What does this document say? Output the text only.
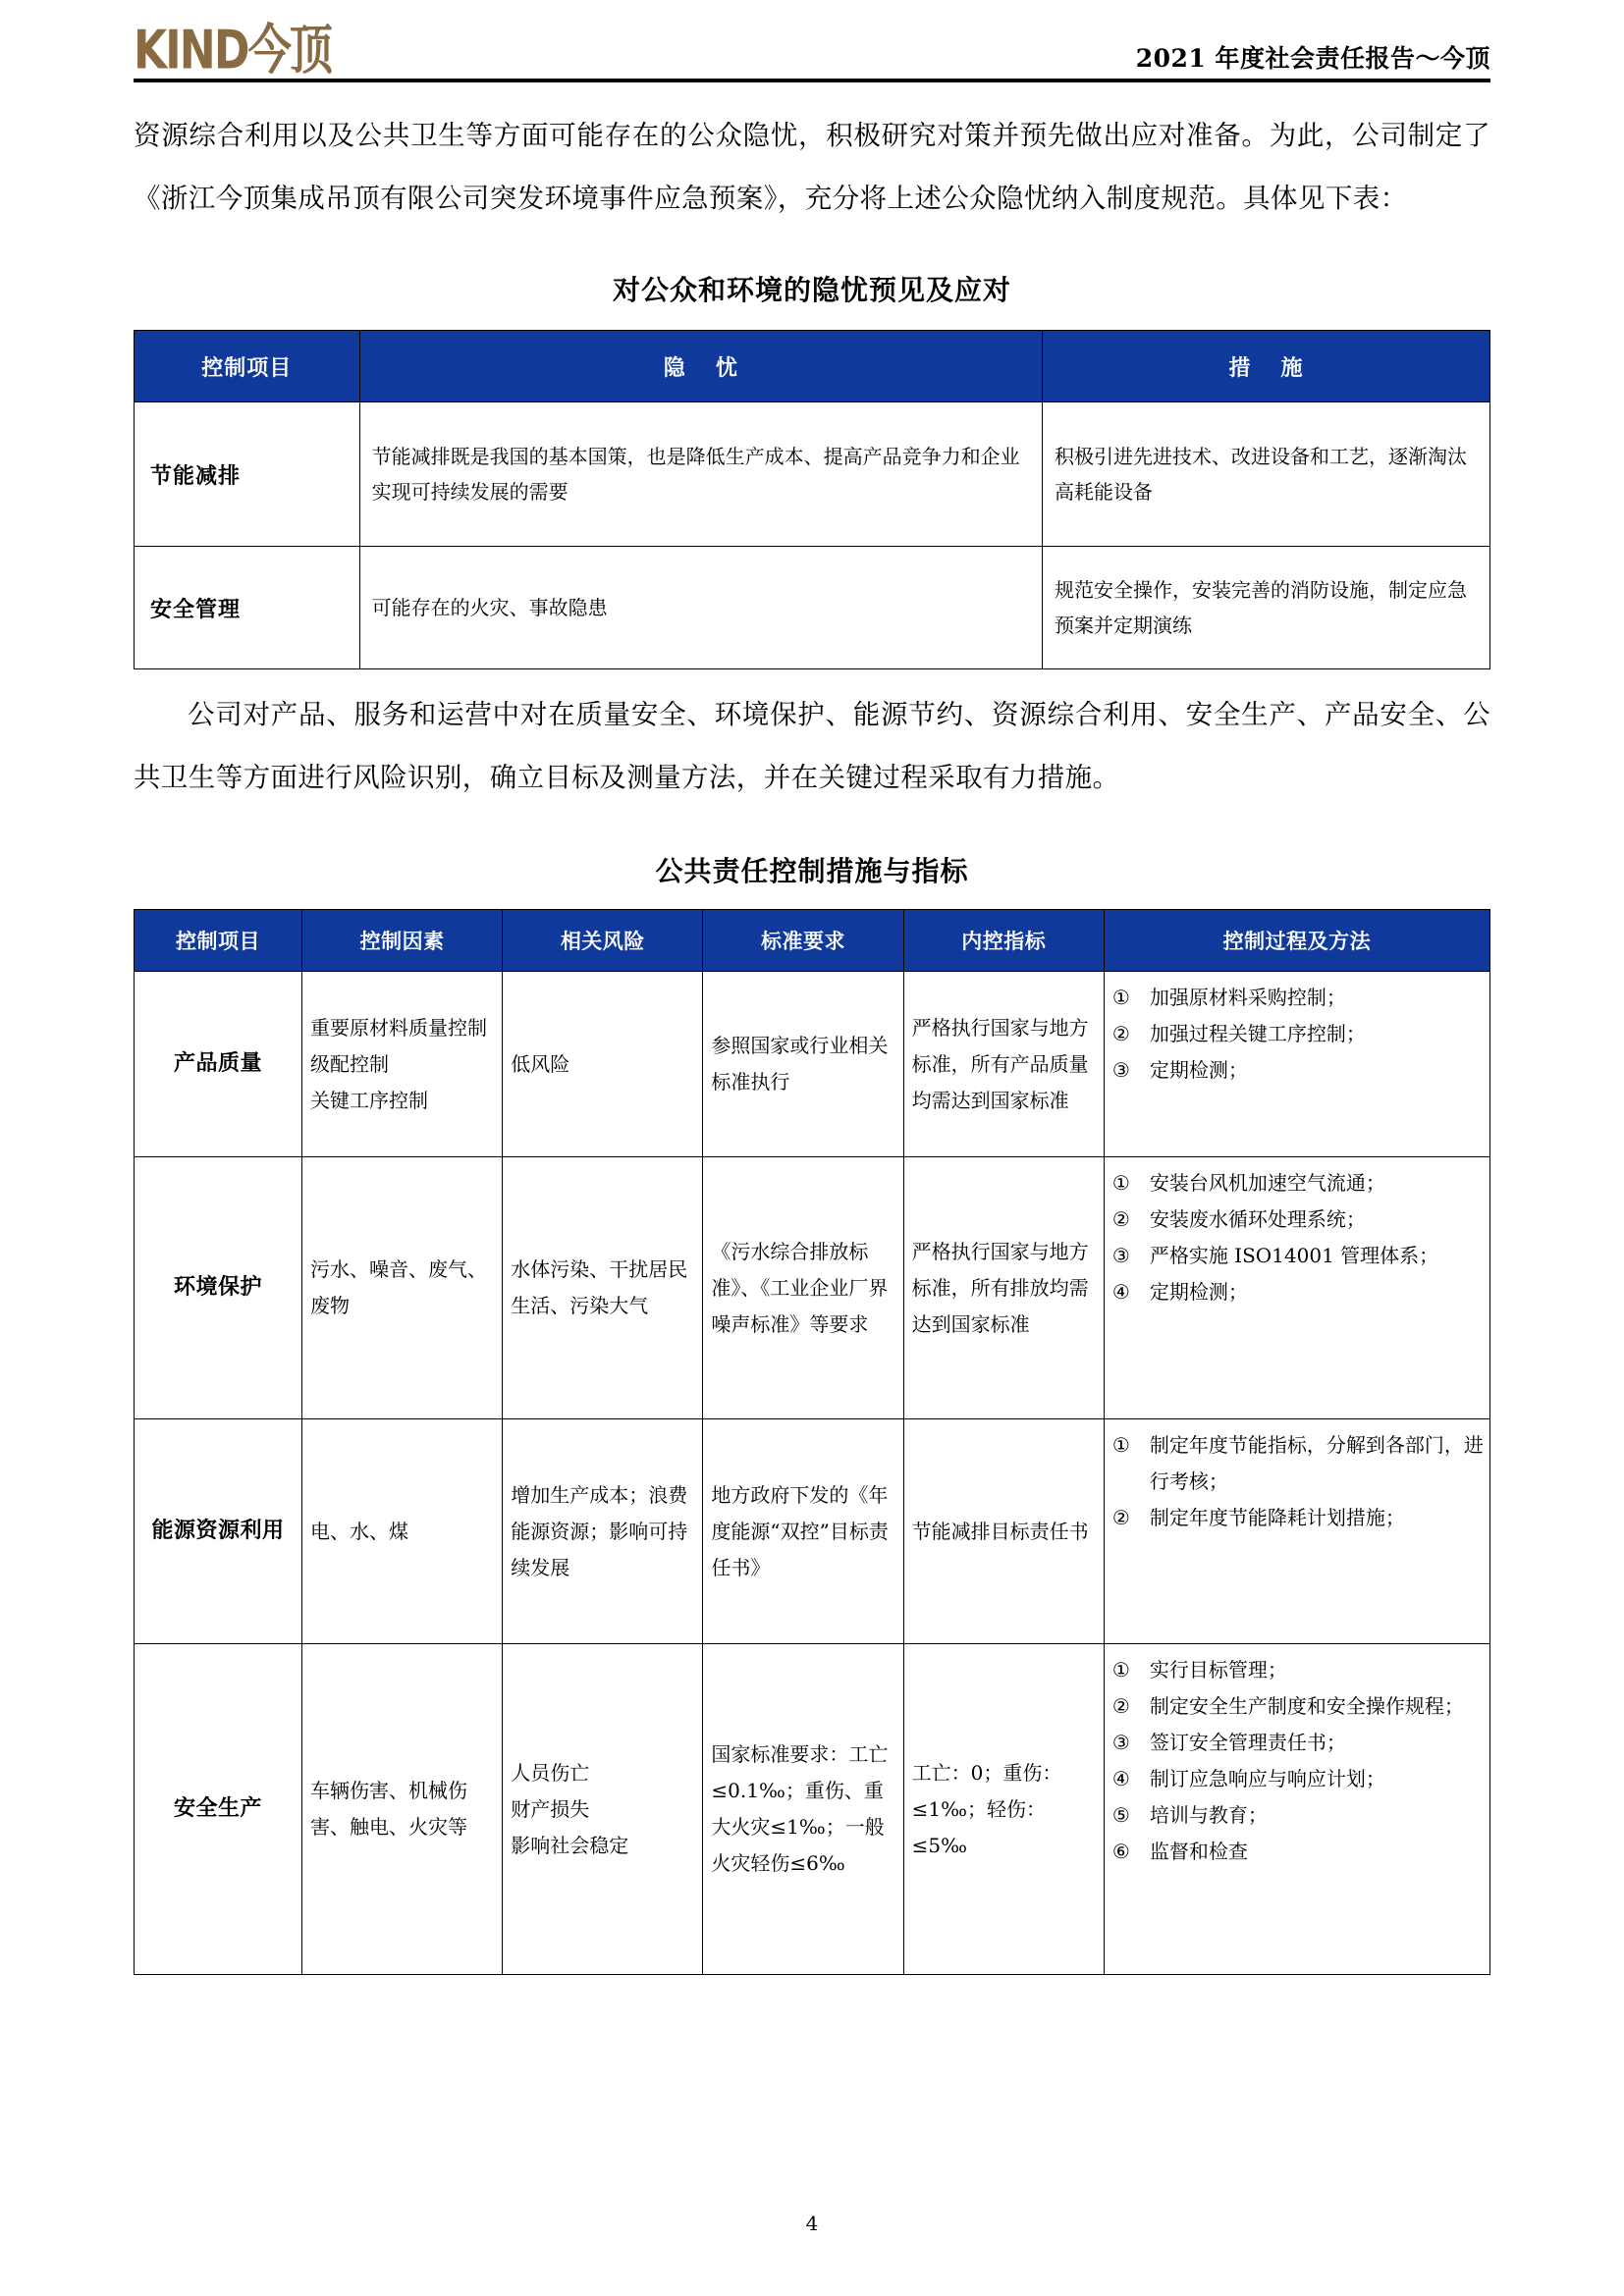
KIND今顶	2021 年度社会责任报告～今顶

资源综合利用以及公共卫生等方面可能存在的公众隐忧，积极研究对策并预先做出应对准备。为此，公司制定了《浙江今顶集成吊顶有限公司突发环境事件应急预案》，充分将上述公众隐忧纳入制度规范。具体见下表：

对公众和环境的隐忧预见及应对
控制项目	隐 忧	措 施
节能减排	节能减排既是我国的基本国策，也是降低生产成本、提高产品竞争力和企业实现可持续发展的需要	积极引进先进技术、改进设备和工艺，逐渐淘汰高耗能设备
安全管理	可能存在的火灾、事故隐患	规范安全操作，安装完善的消防设施，制定应急预案并定期演练

公司对产品、服务和运营中对在质量安全、环境保护、能源节约、资源综合利用、安全生产、产品安全、公共卫生等方面进行风险识别，确立目标及测量方法，并在关键过程采取有力措施。

公共责任控制措施与指标
控制项目	控制因素	相关风险	标准要求	内控指标	控制过程及方法
产品质量	重要原材料质量控制
级配控制
关键工序控制	低风险	参照国家或行业相关标准执行	严格执行国家与地方标准，所有产品质量均需达到国家标准	
①	加强原材料采购控制；
②	加强过程关键工序控制；
③	定期检测；

环境保护	污水、噪音、废气、废物	水体污染、干扰居民生活、污染大气	《污水综合排放标准》、《工业企业厂界噪声标准》等要求	严格执行国家与地方标准，所有排放均需达到国家标准	
①	安装台风机加速空气流通；
②	安装废水循环处理系统；
③	严格实施 ISO14001 管理体系；
④	定期检测；

能源资源利用	电、水、煤	增加生产成本；浪费能源资源；影响可持续发展	地方政府下发的《年度能源“双控”目标责任书》	节能减排目标责任书	① 制定年度节能指标，分解到各部门，进行考核；
② 制定年度节能降耗计划措施；

安全生产	车辆伤害、机械伤害、触电、火灾等	人员伤亡
财产损失
影响社会稳定	国家标准要求：工亡≤0.1‰；重伤、重大火灾≤1‰；一般火灾轻伤≤6‰	工亡：0；重伤：≤1‰；轻伤：≤5‰	
①	实行目标管理；
②	制定安全生产制度和安全操作规程；
③	签订安全管理责任书；
④	制订应急响应与响应计划；
⑤	培训与教育；
⑥	监督和检查
4
